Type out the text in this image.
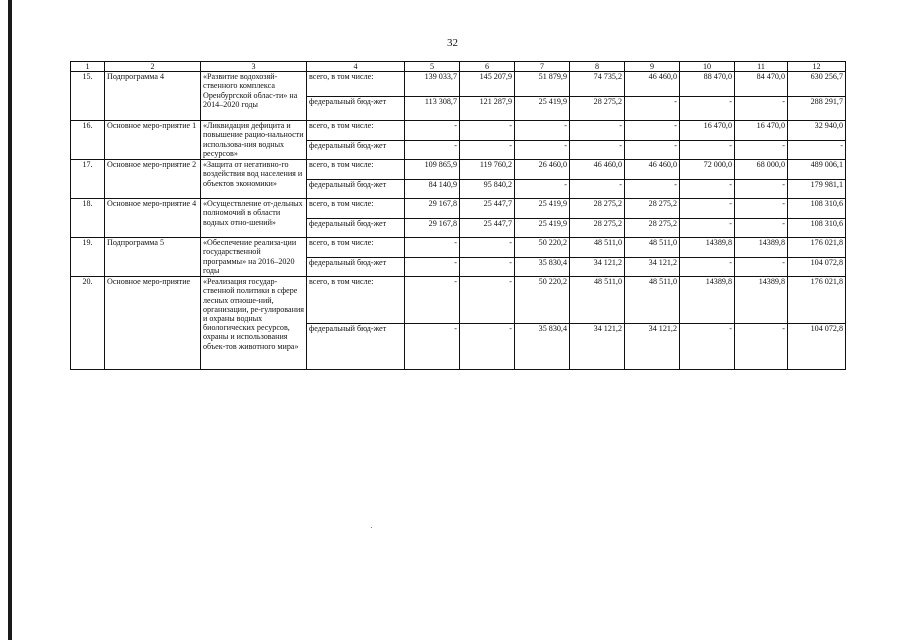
32
1	2	3	4	5	6	7	8	9	10	11	12
15.	Подпрограмма 4	«Развитие водохозяй-ственного комплекса Оренбургской облас-ти» на 2014–2020 годы	всего, в том числе:	139 033,7	145 207,9	51 879,9	74 735,2	46 460,0	88 470,0	84 470,0	630 256,7
			федеральный бюд-жет	113 308,7	121 287,9	25 419,9	28 275,2	-	-	-	288 291,7
16.	Основное меро-приятие 1	«Ликвидация дефицита и повышение рацио-нальности использова-ния водных ресурсов»	всего, в том числе:	-	-	-	-	-	16 470,0	16 470,0	32 940,0
			федеральный бюд-жет	-	-	-	-	-	-	-	-
17.	Основное меро-приятие 2	«Защита от негативно-го воздействия вод населения и объектов экономики»	всего, в том числе:	109 865,9	119 760,2	26 460,0	46 460,0	46 460,0	72 000,0	68 000,0	489 006,1
			федеральный бюд-жет	84 140,9	95 840,2	-	-	-	-	-	179 981,1
18.	Основное меро-приятие 4	«Осуществление от-дельных полномочий в области водных отно-шений»	всего, в том числе:	29 167,8	25 447,7	25 419,9	28 275,2	28 275,2	-	-	108 310,6
			федеральный бюд-жет	29 167,8	25 447,7	25 419,9	28 275,2	28 275,2	-	-	108 310,6
19.	Подпрограмма 5	«Обеспечение реализа-ции государственной программы» на 2016–2020 годы	всего, в том числе:	-	-	50 220,2	48 511,0	48 511,0	14389,8	14389,8	176 021,8
			федеральный бюд-жет	-	-	35 830,4	34 121,2	34 121,2	-	-	104 072,8
20.	Основное меро-приятие	«Реализация государ-ственной политики в сфере лесных отноше-ний, организации, ре-гулирования и охраны водных биологических ресурсов, охраны и использования объек-тов животного мира»	всего, в том числе:	-	-	50 220,2	48 511,0	48 511,0	14389,8	14389,8	176 021,8
			федеральный бюд-жет	-	-	35 830,4	34 121,2	34 121,2	-	-	104 072,8
